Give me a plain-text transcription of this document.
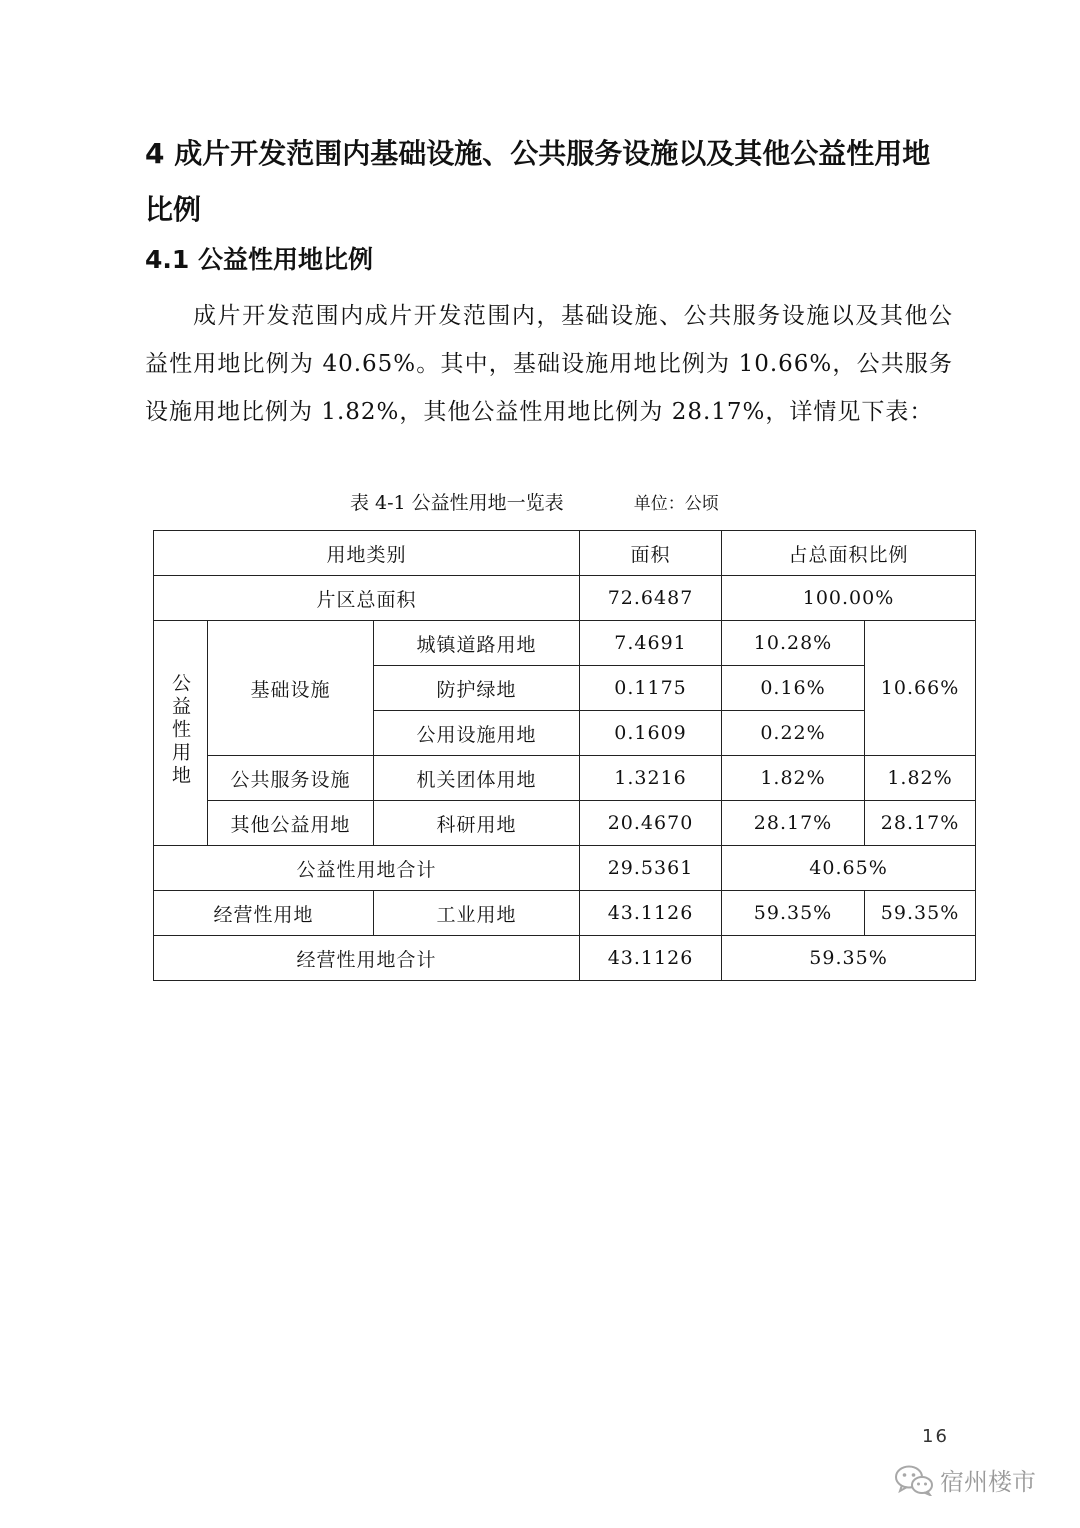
4 成片开发范围内基础设施、公共服务设施以及其他公益性用地比例
4.1 公益性用地比例

成片开发范围内成片开发范围内，基础设施、公共服务设施以及其他公益性用地比例为 40.65%。其中，基础设施用地比例为 10.66%，公共服务设施用地比例为 1.82%，其他公益性用地比例为 28.17%，详情见下表：

表 4-1 公益性用地一览表	单位：公顷
用地类别			面积	占总面积比例	
片区总面积			72.6487	100.00%	
公益性用地	基础设施	城镇道路用地	7.4691	10.28%	10.66%
		防护绿地	0.1175	0.16%	
		公用设施用地	0.1609	0.22%	
	公共服务设施	机关团体用地	1.3216	1.82%	1.82%
	其他公益用地	科研用地	20.4670	28.17%	28.17%
公益性用地合计			29.5361	40.65%	
经营性用地		工业用地	43.1126	59.35%	59.35%
经营性用地合计			43.1126	59.35%	
16
宿州楼市
